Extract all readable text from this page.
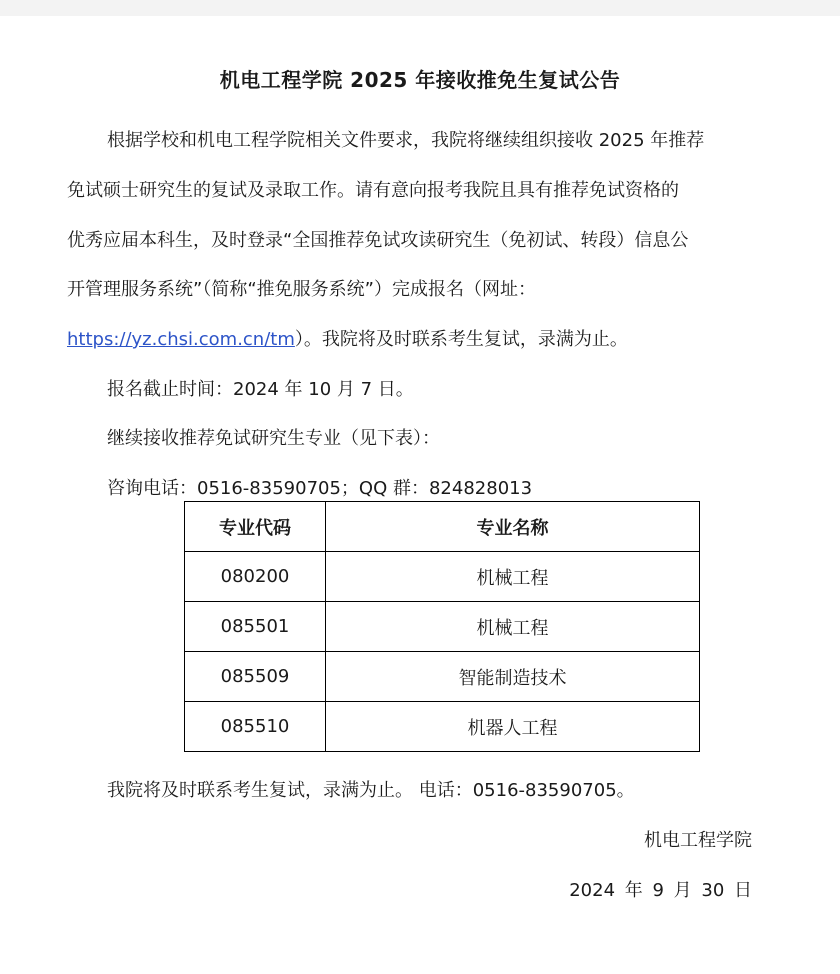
机电工程学院 2025 年接收推免生复试公告
根据学校和机电工程学院相关文件要求，我院将继续组织接收 2025 年推荐
免试硕士研究生的复试及录取工作。请有意向报考我院且具有推荐免试资格的
优秀应届本科生，及时登录“全国推荐免试攻读研究生（免初试、转段）信息公
开管理服务系统”（简称“推免服务系统”）完成报名（网址：
https://yz.chsi.com.cn/tm）。我院将及时联系考生复试，录满为止。
报名截止时间：2024 年 10 月 7 日。
继续接收推荐免试研究生专业（见下表）：
咨询电话：0516-83590705；QQ 群：824828013
专业代码	专业名称
080200	机械工程
085501	机械工程
085509	智能制造技术
085510	机器人工程
我院将及时联系考生复试，录满为止。 电话：0516-83590705。
机电工程学院
2024 年 9 月 30 日
